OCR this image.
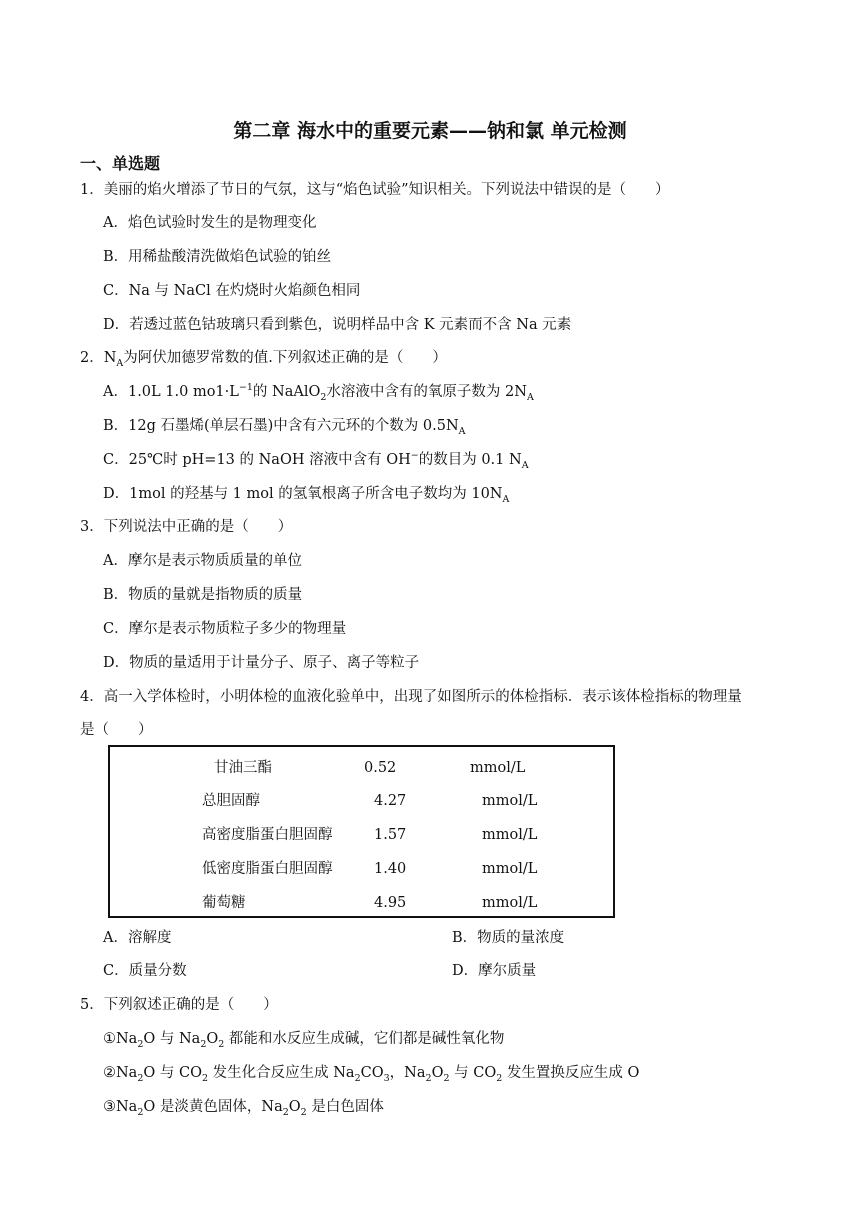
第二章 海水中的重要元素——钠和氯 单元检测
一、单选题
1．美丽的焰火增添了节日的气氛，这与“焰色试验”知识相关。下列说法中错误的是（　　）
A．焰色试验时发生的是物理变化
B．用稀盐酸清洗做焰色试验的铂丝
C．Na 与 NaCl 在灼烧时火焰颜色相同
D．若透过蓝色钴玻璃只看到紫色，说明样品中含 K 元素而不含 Na 元素
2．$N_A$为阿伏加德罗常数的值.下列叙述正确的是（　　）
A．1.0L 1.0 $mo1\cdot L^{-1}$的 NaAlO$_2$水溶液中含有的氧原子数为 $2N_A$
B．12g 石墨烯(单层石墨)中含有六元环的个数为 $0.5N_A$
C．25℃时 pH=13 的 NaOH 溶液中含有 OH−的数目为 0.1 $N_A$
D．1mol 的羟基与 1 mol 的氢氧根离子所含电子数均为 $10N_A$
3．下列说法中正确的是（　　）
A．摩尔是表示物质质量的单位
B．物质的量就是指物质的质量
C．摩尔是表示物质粒子多少的物理量
D．物质的量适用于计量分子、原子、离子等粒子
4．高一入学体检时，小明体检的血液化验单中，出现了如图所示的体检指标．表示该体检指标的物理量
是（　　）
甘油三酯	0.52	mmol/L
总胆固醇	4.27	mmol/L
高密度脂蛋白胆固醇	1.57	mmol/L
低密度脂蛋白胆固醇	1.40	mmol/L
葡萄糖	4.95	mmol/L
A．溶解度	B．物质的量浓度
C．质量分数	D．摩尔质量
5．下列叙述正确的是（　　）
$①Na_2O$ 与 $Na_2O_2$ 都能和水反应生成碱，它们都是碱性氧化物
$②Na_2O$ 与 $CO_2$ 发生化合反应生成 $Na_2CO_3$，$Na_2O_2$ 与 $CO_2$ 发生置换反应生成 O
$③Na_2O$ 是淡黄色固体，$Na_2O_2$ 是白色固体
